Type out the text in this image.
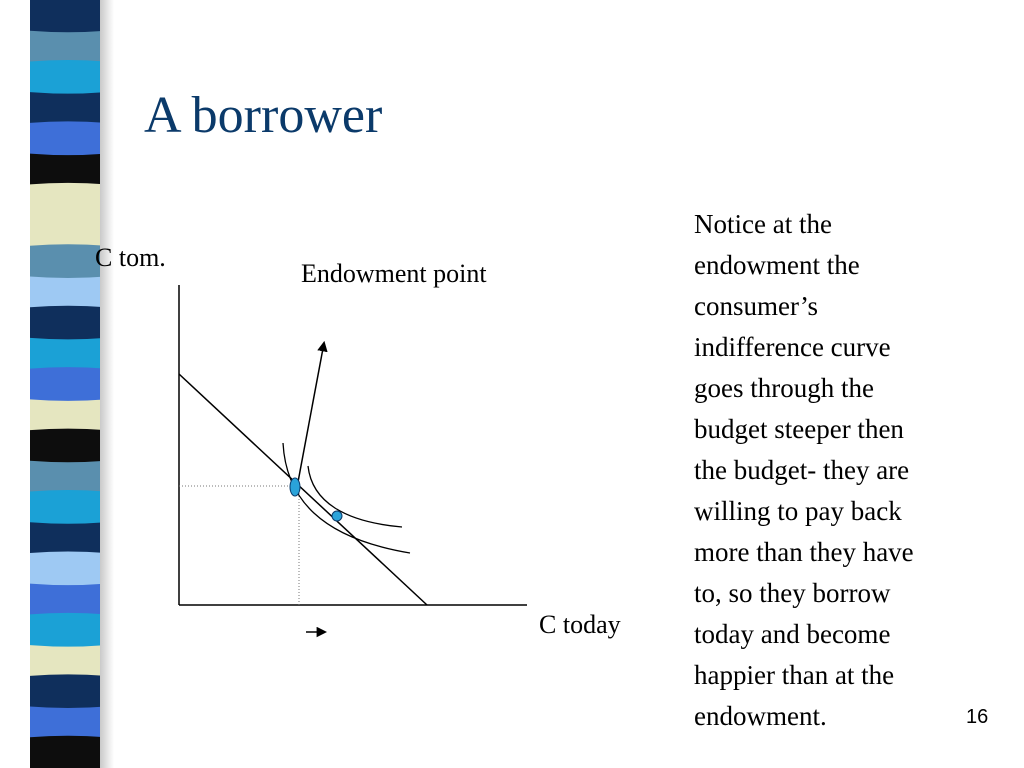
A borrower
C tom.
Endowment point
C today
Notice at the
endowment the
consumer’s
indifference curve
goes through the
budget steeper then
the budget- they are
willing to pay back
more than they have
to, so they borrow
today and become
happier than at the
endowment.	16
